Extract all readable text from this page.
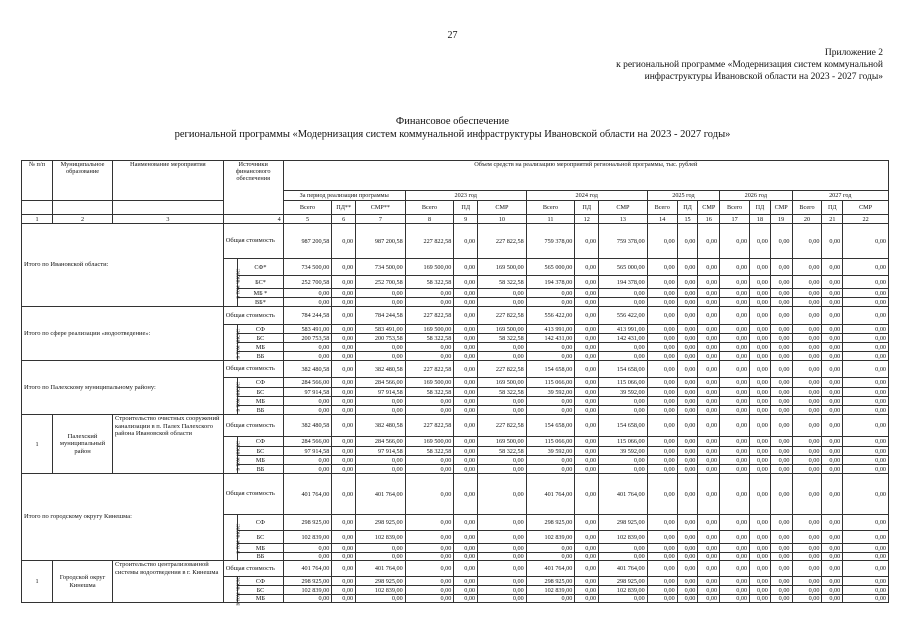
27
Приложение 2
к региональной программе «Модернизация систем коммунальной
инфраструктуры Ивановской области на 2023 - 2027 годы»
Финансовое обеспечение
региональной программы «Модернизация систем коммунальной инфраструктуры Ивановской области на 2023 - 2027 годы»
№ п/п	Муниципальное образование	Наименование мероприятия	Источники финансового обеспечения		Объем средств на реализацию мероприятий региональной программы, тыс. рублей																	
					За период реализации программы			2023 год			2024 год			2025 год			2026 год			2027 год		
					Всего	ПД**	СМР**	Всего	ПД	СМР	Всего	ПД	СМР	Всего	ПД	СМР	Всего	ПД	СМР	Всего	ПД	СМР
1	2	3	4		5	6	7	8	9	10	11	12	13	14	15	16	17	18	19	20	21	22
Итого по Ивановской области:			Общая стоимость		987 200,58	0,00	987 200,58	227 822,58	0,00	227 822,58	759 378,00	0,00	759 378,00	0,00	0,00	0,00	0,00	0,00	0,00	0,00	0,00	0,00
			в том числе:	СФ*	734 500,00	0,00	734 500,00	169 500,00	0,00	169 500,00	565 000,00	0,00	565 000,00	0,00	0,00	0,00	0,00	0,00	0,00	0,00	0,00	0,00
				БС*	252 700,58	0,00	252 700,58	58 322,58	0,00	58 322,58	194 378,00	0,00	194 378,00	0,00	0,00	0,00	0,00	0,00	0,00	0,00	0,00	0,00
				МБ *	0,00	0,00	0,00	0,00	0,00	0,00	0,00	0,00	0,00	0,00	0,00	0,00	0,00	0,00	0,00	0,00	0,00	0,00
				ВБ*	0,00	0,00	0,00	0,00	0,00	0,00	0,00	0,00	0,00	0,00	0,00	0,00	0,00	0,00	0,00	0,00	0,00	0,00
Итого по сфере реализации «водоотведение»:			Общая стоимость		784 244,58	0,00	784 244,58	227 822,58	0,00	227 822,58	556 422,00	0,00	556 422,00	0,00	0,00	0,00	0,00	0,00	0,00	0,00	0,00	0,00
			в том числе:	СФ	583 491,00	0,00	583 491,00	169 500,00	0,00	169 500,00	413 991,00	0,00	413 991,00	0,00	0,00	0,00	0,00	0,00	0,00	0,00	0,00	0,00
				БС	200 753,58	0,00	200 753,58	58 322,58	0,00	58 322,58	142 431,00	0,00	142 431,00	0,00	0,00	0,00	0,00	0,00	0,00	0,00	0,00	0,00
				МБ	0,00	0,00	0,00	0,00	0,00	0,00	0,00	0,00	0,00	0,00	0,00	0,00	0,00	0,00	0,00	0,00	0,00	0,00
				ВБ	0,00	0,00	0,00	0,00	0,00	0,00	0,00	0,00	0,00	0,00	0,00	0,00	0,00	0,00	0,00	0,00	0,00	0,00
Итого по Палехскому муниципальному району:			Общая стоимость		382 480,58	0,00	382 480,58	227 822,58	0,00	227 822,58	154 658,00	0,00	154 658,00	0,00	0,00	0,00	0,00	0,00	0,00	0,00	0,00	0,00
			в том числе:	СФ	284 566,00	0,00	284 566,00	169 500,00	0,00	169 500,00	115 066,00	0,00	115 066,00	0,00	0,00	0,00	0,00	0,00	0,00	0,00	0,00	0,00
				БС	97 914,58	0,00	97 914,58	58 322,58	0,00	58 322,58	39 592,00	0,00	39 592,00	0,00	0,00	0,00	0,00	0,00	0,00	0,00	0,00	0,00
				МБ	0,00	0,00	0,00	0,00	0,00	0,00	0,00	0,00	0,00	0,00	0,00	0,00	0,00	0,00	0,00	0,00	0,00	0,00
				ВБ	0,00	0,00	0,00	0,00	0,00	0,00	0,00	0,00	0,00	0,00	0,00	0,00	0,00	0,00	0,00	0,00	0,00	0,00
1	Палехский муниципальный район	Строительство очистных сооружений канализации в п. Палех Палехского района Ивановской области	Общая стоимость		382 480,58	0,00	382 480,58	227 822,58	0,00	227 822,58	154 658,00	0,00	154 658,00	0,00	0,00	0,00	0,00	0,00	0,00	0,00	0,00	0,00
			в том числе:	СФ	284 566,00	0,00	284 566,00	169 500,00	0,00	169 500,00	115 066,00	0,00	115 066,00	0,00	0,00	0,00	0,00	0,00	0,00	0,00	0,00	0,00
				БС	97 914,58	0,00	97 914,58	58 322,58	0,00	58 322,58	39 592,00	0,00	39 592,00	0,00	0,00	0,00	0,00	0,00	0,00	0,00	0,00	0,00
				МБ	0,00	0,00	0,00	0,00	0,00	0,00	0,00	0,00	0,00	0,00	0,00	0,00	0,00	0,00	0,00	0,00	0,00	0,00
				ВБ	0,00	0,00	0,00	0,00	0,00	0,00	0,00	0,00	0,00	0,00	0,00	0,00	0,00	0,00	0,00	0,00	0,00	0,00
Итого по городскому округу Кинешма:			Общая стоимость		401 764,00	0,00	401 764,00	0,00	0,00	0,00	401 764,00	0,00	401 764,00	0,00	0,00	0,00	0,00	0,00	0,00	0,00	0,00	0,00
			в том числе:	СФ	298 925,00	0,00	298 925,00	0,00	0,00	0,00	298 925,00	0,00	298 925,00	0,00	0,00	0,00	0,00	0,00	0,00	0,00	0,00	0,00
				БС	102 839,00	0,00	102 839,00	0,00	0,00	0,00	102 839,00	0,00	102 839,00	0,00	0,00	0,00	0,00	0,00	0,00	0,00	0,00	0,00
				МБ	0,00	0,00	0,00	0,00	0,00	0,00	0,00	0,00	0,00	0,00	0,00	0,00	0,00	0,00	0,00	0,00	0,00	0,00
				ВБ	0,00	0,00	0,00	0,00	0,00	0,00	0,00	0,00	0,00	0,00	0,00	0,00	0,00	0,00	0,00	0,00	0,00	0,00
1	Городской округ Кинешма	Строительство централизованной системы водоотведения в г. Кинешма	Общая стоимость		401 764,00	0,00	401 764,00	0,00	0,00	0,00	401 764,00	0,00	401 764,00	0,00	0,00	0,00	0,00	0,00	0,00	0,00	0,00	0,00
			в том числе:	СФ	298 925,00	0,00	298 925,00	0,00	0,00	0,00	298 925,00	0,00	298 925,00	0,00	0,00	0,00	0,00	0,00	0,00	0,00	0,00	0,00
				БС	102 839,00	0,00	102 839,00	0,00	0,00	0,00	102 839,00	0,00	102 839,00	0,00	0,00	0,00	0,00	0,00	0,00	0,00	0,00	0,00
				МБ	0,00	0,00	0,00	0,00	0,00	0,00	0,00	0,00	0,00	0,00	0,00	0,00	0,00	0,00	0,00	0,00	0,00	0,00
